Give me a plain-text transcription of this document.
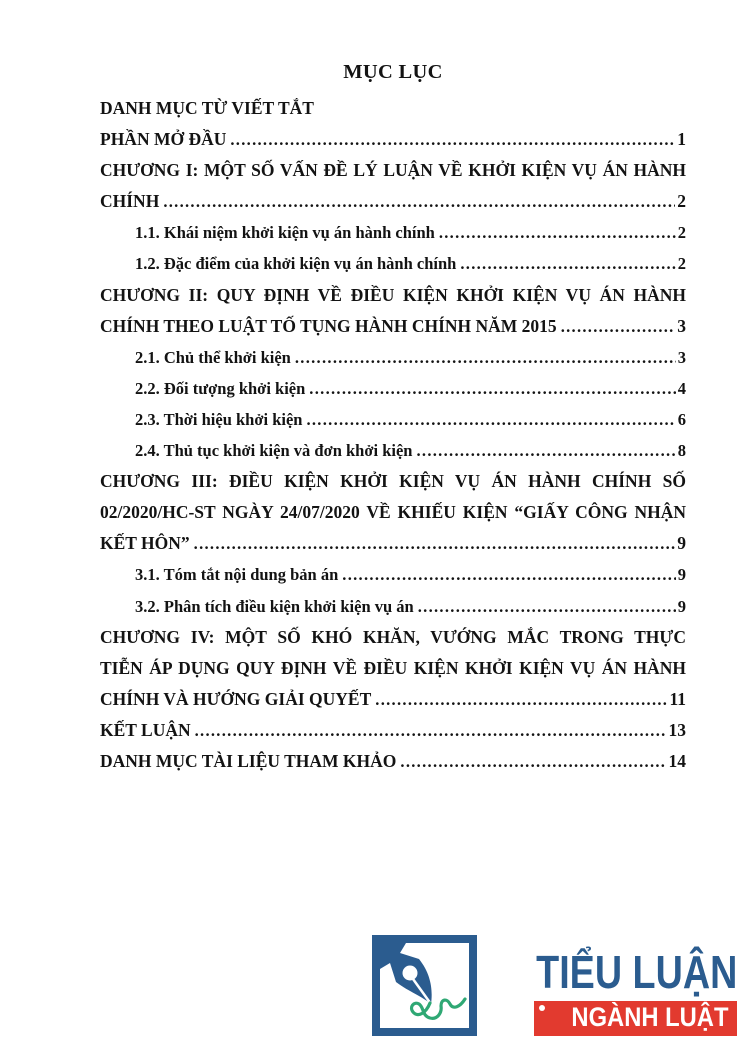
MỤC LỤC
DANH MỤC TỪ VIẾT TẮT
PHẦN MỞ ĐẦU .....	1
CHƯƠNG I: MỘT SỐ VẤN ĐỀ LÝ LUẬN VỀ KHỞI KIỆN VỤ ÁN HÀNH
CHÍNH .....	2
1.1. Khái niệm khởi kiện vụ án hành chính .....	2
1.2. Đặc điểm của khởi kiện vụ án hành chính .....	2
CHƯƠNG II: QUY ĐỊNH VỀ ĐIỀU KIỆN KHỞI KIỆN VỤ ÁN HÀNH
CHÍNH THEO LUẬT TỐ TỤNG HÀNH CHÍNH NĂM 2015 .....	3
2.1. Chủ thể khởi kiện .....	3
2.2. Đối tượng khởi kiện .....	4
2.3. Thời hiệu khởi kiện .....	6
2.4. Thủ tục khởi kiện và đơn khởi kiện .....	8
CHƯƠNG III: ĐIỀU KIỆN KHỞI KIỆN VỤ ÁN HÀNH CHÍNH SỐ
02/2020/HC-ST NGÀY 24/07/2020 VỀ KHIẾU KIỆN “GIẤY CÔNG NHẬN
KẾT HÔN” .....	9
3.1. Tóm tắt nội dung bản án .....	9
3.2. Phân tích điều kiện khởi kiện vụ án .....	9
CHƯƠNG IV: MỘT SỐ KHÓ KHĂN, VƯỚNG MẮC TRONG THỰC
TIỄN ÁP DỤNG QUY ĐỊNH VỀ ĐIỀU KIỆN KHỞI KIỆN VỤ ÁN HÀNH
CHÍNH VÀ HƯỚNG GIẢI QUYẾT .....	11
KẾT LUẬN .....	13
DANH MỤC TÀI LIỆU THAM KHẢO .....	14
TIỂU LUẬN
NGÀNH LUẬT
